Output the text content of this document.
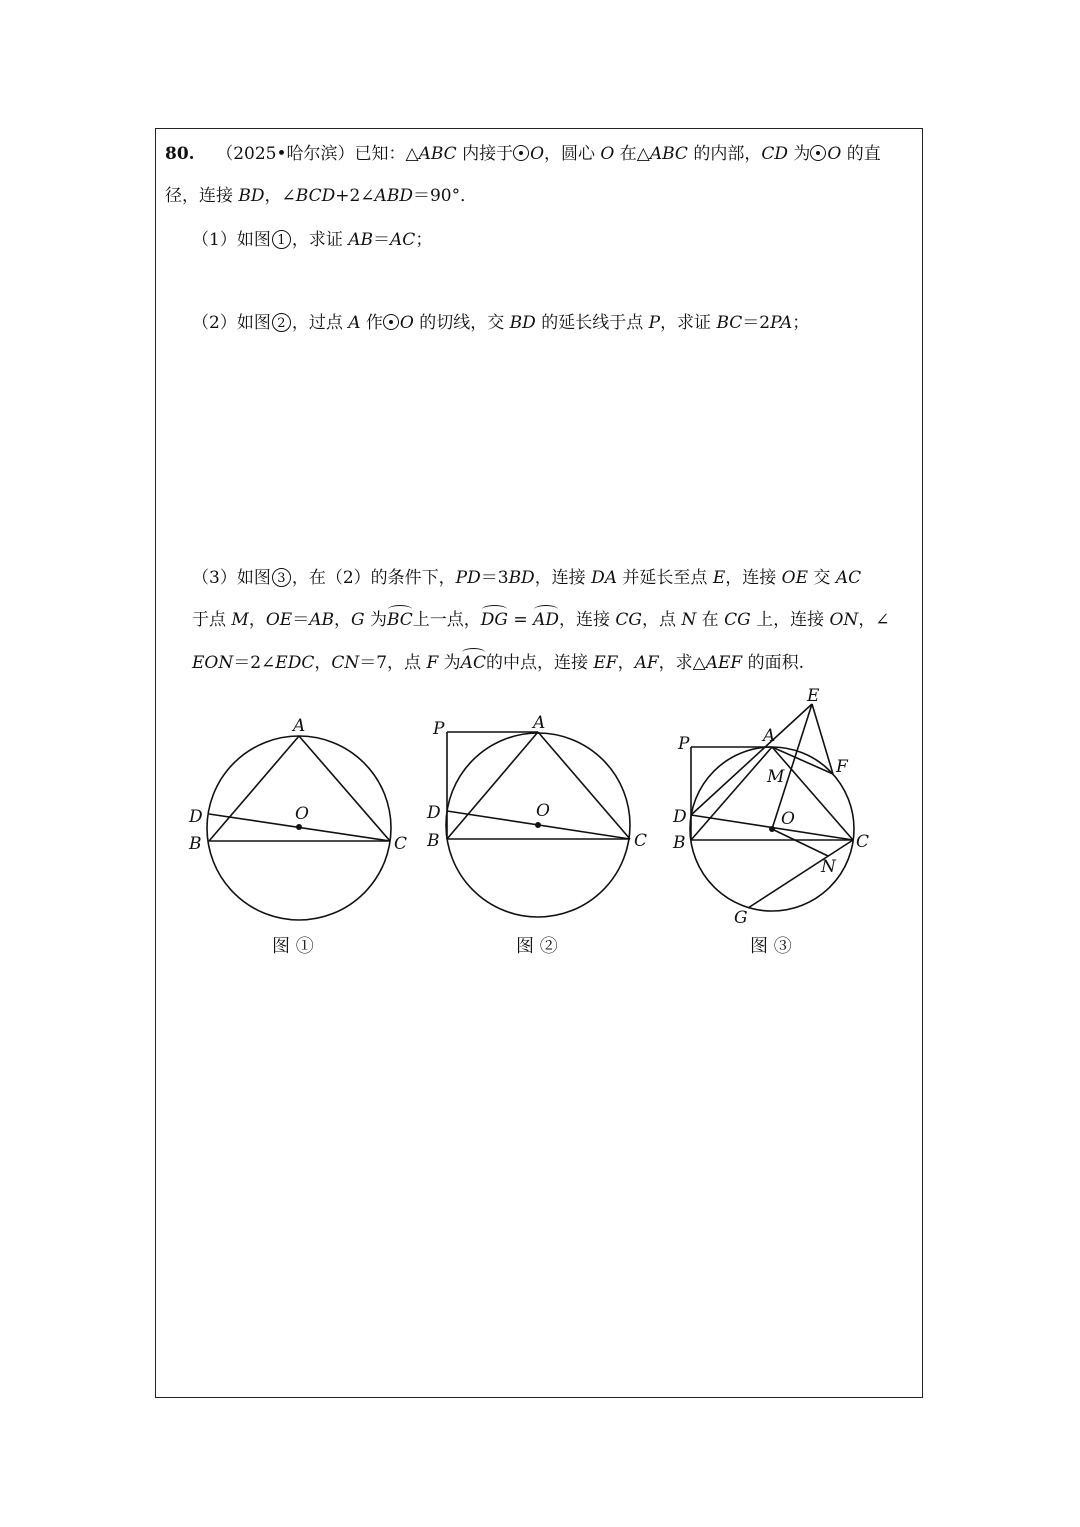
80. （2025•哈尔滨）已知：△ABC 内接于 O，圆心 O 在△ABC 的内部，CD 为 O 的直
径，连接 BD，∠BCD+2∠ABD＝90°．
（1）如图 1 ，求证 AB＝AC；
（2）如图 2 ，过点 A 作 O 的切线，交 BD 的延长线于点 P，求证 BC＝2PA；
（3）如图 3 ，在（2）的条件下，PD＝3BD，连接 DA 并延长至点 E，连接 OE 交 AC
于点 M，OE＝AB，G 为BC上一点，DG = AD，连接 CG，点 N 在 CG 上，连接 ON，∠
EON＝2∠EDC，CN＝7，点 F 为AC的中点，连接 EF，AF，求△AEF 的面积.
A
D
B	C
O
图 ①
A
P
D
B	C
O
图 ②
E
A
P
M	F
D
B
O
C
N
G
图 ③
